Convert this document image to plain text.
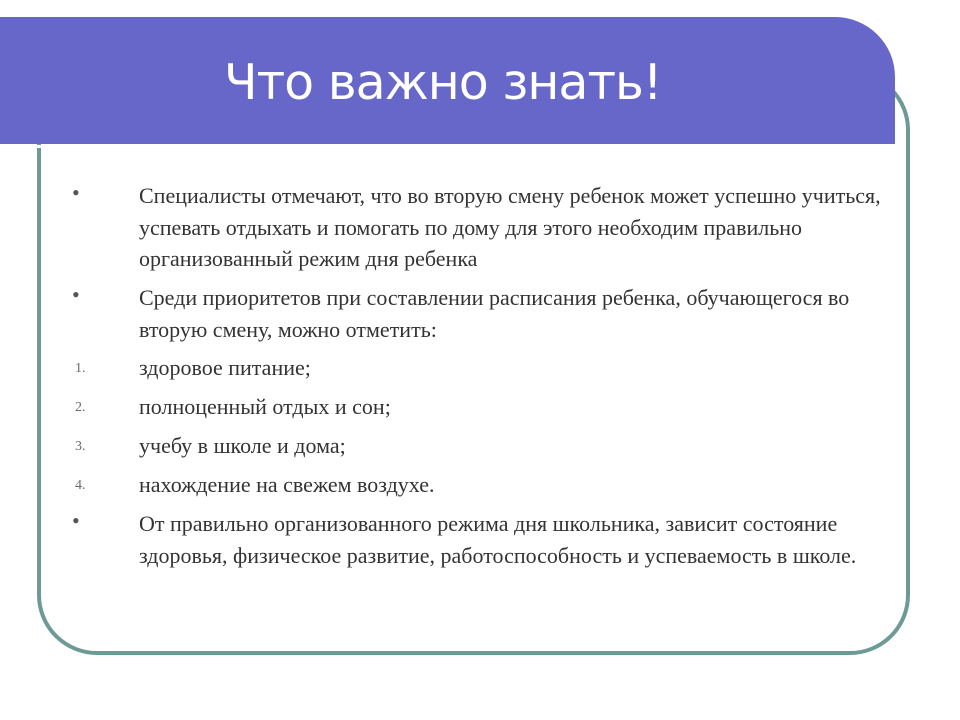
Что важно знать!
•	Специалисты отмечают, что во вторую смену ребенок может успешно учиться, успевать отдыхать и помогать по дому для этого необходим правильно организованный режим дня ребенка

•	Среди приоритетов при составлении расписания ребенка, обучающегося во вторую смену, можно отметить:

1.	здоровое питание;

2.	полноценный отдых и сон;

3.	учебу в школе и дома;

4.	нахождение на свежем воздухе.

•	От правильно организованного режима дня школьника, зависит состояние здоровья, физическое развитие, работоспособность и успеваемость в школе.
